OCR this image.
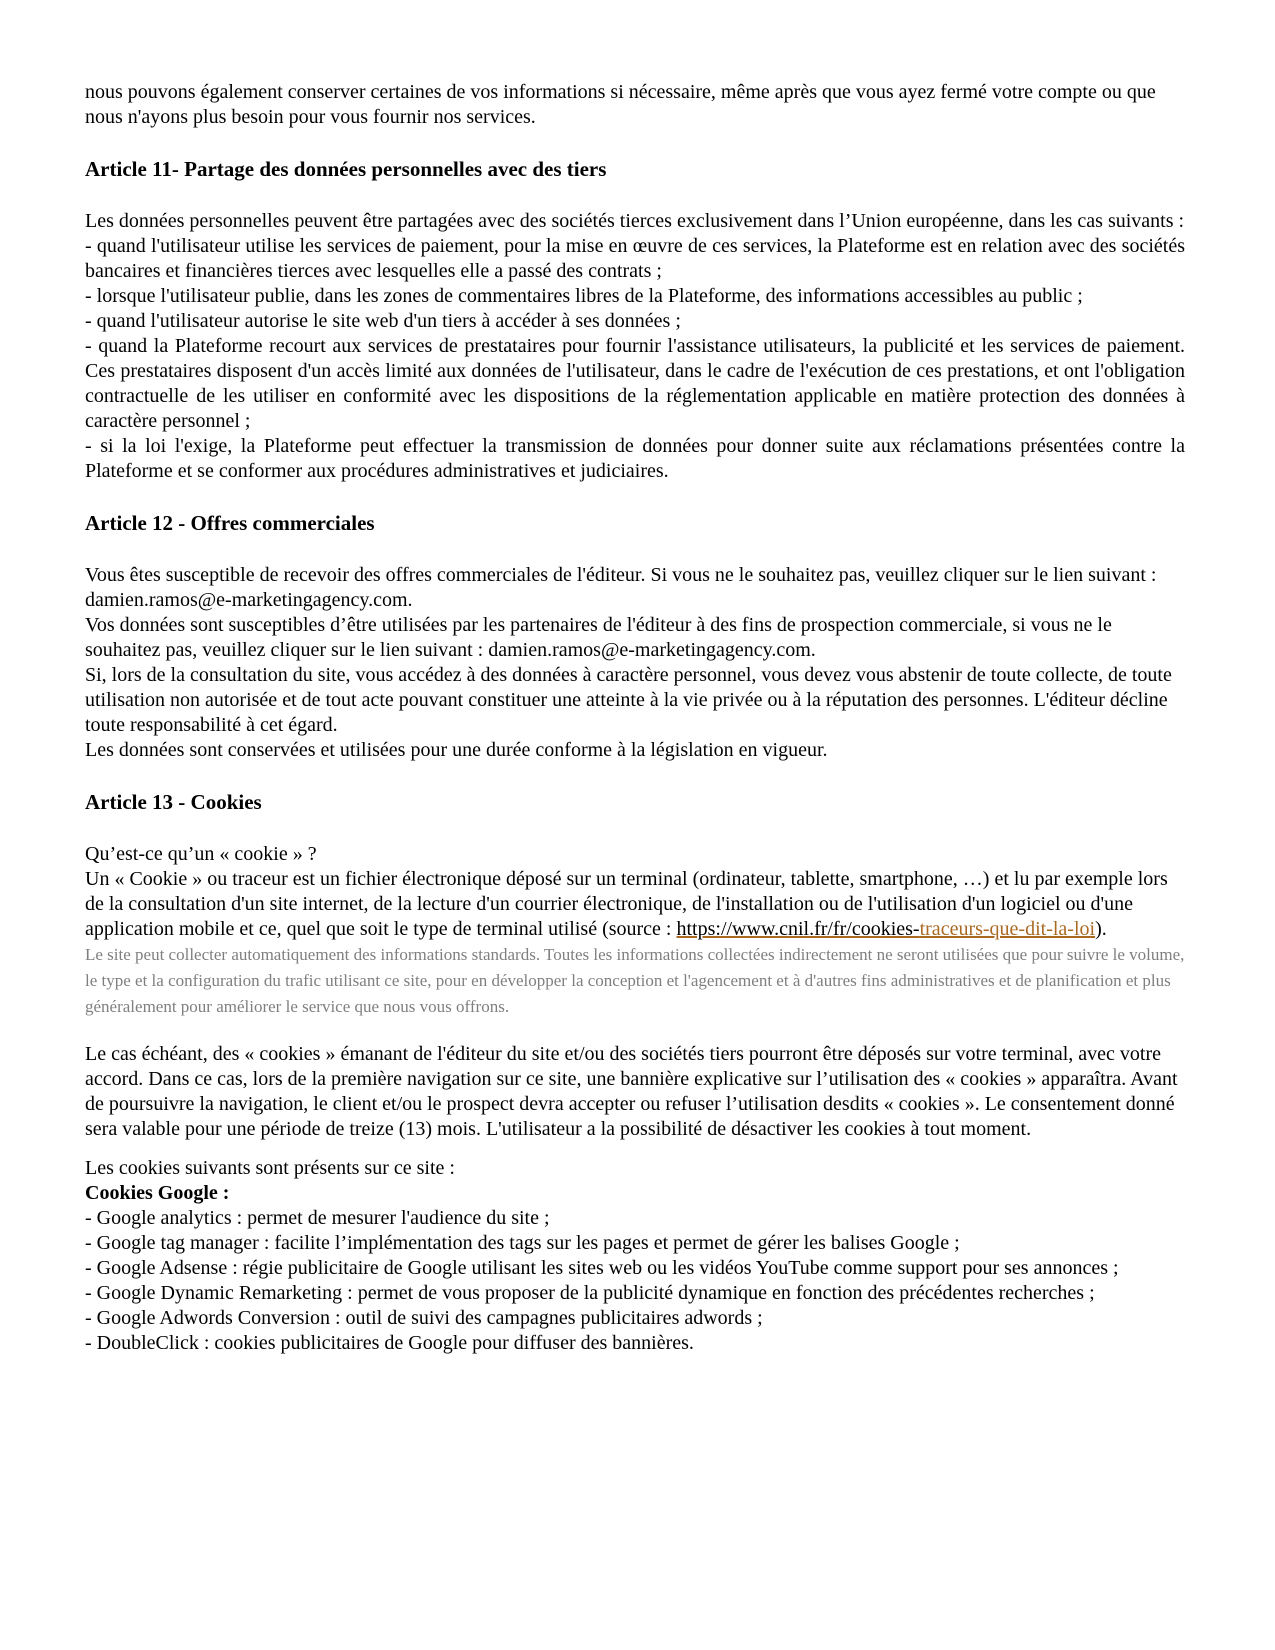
nous pouvons également conserver certaines de vos informations si nécessaire, même après que vous ayez fermé votre compte ou que nous n'ayons plus besoin pour vous fournir nos services.

Article 11- Partage des données personnelles avec des tiers

Les données personnelles peuvent être partagées avec des sociétés tierces exclusivement dans l’Union européenne, dans les cas suivants :

- quand l'utilisateur utilise les services de paiement, pour la mise en œuvre de ces services, la Plateforme est en relation avec des sociétés bancaires et financières tierces avec lesquelles elle a passé des contrats ;

- lorsque l'utilisateur publie, dans les zones de commentaires libres de la Plateforme, des informations accessibles au public ;

- quand l'utilisateur autorise le site web d'un tiers à accéder à ses données ;

- quand la Plateforme recourt aux services de prestataires pour fournir l'assistance utilisateurs, la publicité et les services de paiement. Ces prestataires disposent d'un accès limité aux données de l'utilisateur, dans le cadre de l'exécution de ces prestations, et ont l'obligation contractuelle de les utiliser en conformité avec les dispositions de la réglementation applicable en matière protection des données à caractère personnel ;

- si la loi l'exige, la Plateforme peut effectuer la transmission de données pour donner suite aux réclamations présentées contre la Plateforme et se conformer aux procédures administratives et judiciaires.

Article 12 - Offres commerciales

Vous êtes susceptible de recevoir des offres commerciales de l'éditeur. Si vous ne le souhaitez pas, veuillez cliquer sur le lien suivant : damien.ramos@e-marketingagency.com.

Vos données sont susceptibles d’être utilisées par les partenaires de l'éditeur à des fins de prospection commerciale, si vous ne le souhaitez pas, veuillez cliquer sur le lien suivant : damien.ramos@e-marketingagency.com.

Si, lors de la consultation du site, vous accédez à des données à caractère personnel, vous devez vous abstenir de toute collecte, de toute utilisation non autorisée et de tout acte pouvant constituer une atteinte à la vie privée ou à la réputation des personnes. L'éditeur décline toute responsabilité à cet égard.

Les données sont conservées et utilisées pour une durée conforme à la législation en vigueur.

Article 13 - Cookies

Qu’est-ce qu’un « cookie » ?

Un « Cookie » ou traceur est un fichier électronique déposé sur un terminal (ordinateur, tablette, smartphone, …) et lu par exemple lors de la consultation d'un site internet, de la lecture d'un courrier électronique, de l'installation ou de l'utilisation d'un logiciel ou d'une application mobile et ce, quel que soit le type de terminal utilisé (source : https://www.cnil.fr/fr/cookies-traceurs-que-dit-la-loi).

Le site peut collecter automatiquement des informations standards. Toutes les informations collectées indirectement ne seront utilisées que pour suivre le volume, le type et la configuration du trafic utilisant ce site, pour en développer la conception et l'agencement et à d'autres fins administratives et de planification et plus généralement pour améliorer le service que nous vous offrons.

Le cas échéant, des « cookies » émanant de l'éditeur du site et/ou des sociétés tiers pourront être déposés sur votre terminal, avec votre accord. Dans ce cas, lors de la première navigation sur ce site, une bannière explicative sur l’utilisation des « cookies » apparaîtra. Avant de poursuivre la navigation, le client et/ou le prospect devra accepter ou refuser l’utilisation desdits « cookies ». Le consentement donné sera valable pour une période de treize (13) mois. L'utilisateur a la possibilité de désactiver les cookies à tout moment.

Les cookies suivants sont présents sur ce site :

Cookies Google :

- Google analytics : permet de mesurer l'audience du site ;

- Google tag manager : facilite l’implémentation des tags sur les pages et permet de gérer les balises Google ;

- Google Adsense : régie publicitaire de Google utilisant les sites web ou les vidéos YouTube comme support pour ses annonces ;

- Google Dynamic Remarketing : permet de vous proposer de la publicité dynamique en fonction des précédentes recherches ;

- Google Adwords Conversion : outil de suivi des campagnes publicitaires adwords ;

- DoubleClick : cookies publicitaires de Google pour diffuser des bannières.
